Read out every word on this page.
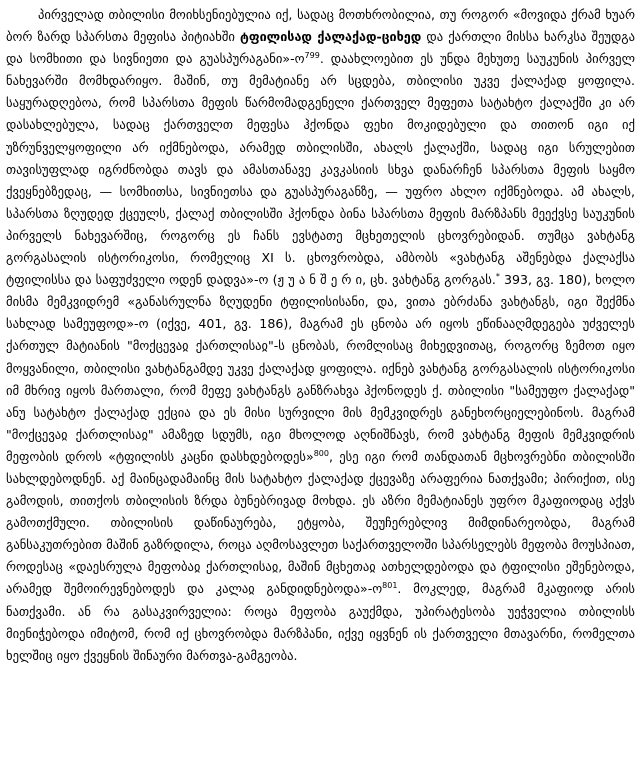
პირველად თბილისი მოიხსენიებულია იქ, სადაც მოთხრობილია, თუ როგორ «მოვიდა ქრამ ხუარ ბორ ზარდ სპარსთა მეფისა პიტიახში ტფილისად ქალაქად-ციხედ და ქართლი მისსა ხარკსა შეუდგა და სომხითი და სივნიეთი და გუასპურაგანი»-ო$^{799}$. დაახლოებით ეს უნდა მეხუთე საუკუნის პირველ ნახევარში მომხდარიყო. მაშინ, თუ მემატიანე არ სცდება, თბილისი უკვე ქალაქად ყოფილა. საყურადღებოა, რომ სპარსთა მეფის წარმომადგენელი ქართველ მეფეთა სატახტო ქალაქში კი არ დასახლებულა, სადაც ქართველთ მეფესა ჰქონდა ფეხი მოკიდებული და თითონ იგი იქ უზრუნველყოფილი არ იქმნებოდა, არამედ თბილისში, ახალს ქალაქში, სადაც იგი სრულებით თავისუფლად იგრძნობდა თავს და ამასთანავე კავკასიის სხვა დანარჩენ სპარსთა მეფის საყმო ქვეყნებზედაც, — სომხითსა, სივნიეთსა და გუასპურაგანზე, — უფრო ახლო იქმნებოდა. ამ ახალს, სპარსთა ზღუდედ ქცეულს, ქალაქ თბილისში ჰქონდა ბინა სპარსთა მეფის მარზპანს მეექვსე საუკუნის პირველს ნახევარშიც, როგორც ეს ჩანს ევსტათე მცხეთელის ცხოვრებიდან. თუმცა ვახტანგ გორგასალის ისტორიკოსი, რომელიც XI ს. ცხოვრობდა, ამბობს «ვახტანგ აშენებდა ქალაქსა ტფილისსა და საფუძველი ოდენ დადვა»-ო (ჟ უ ა ნ შ ე რ ი, ცხ. ვახტანგ გორგას.* 393, გვ. 180), ხოლო მისმა მემკვიდრემ «განასრულნა ზღუდენი ტფილისისანი, და, ვითა ებრძანა ვახტანგს, იგი შექმნა სახლად სამეუფოდ»-ო (იქვე, 401, გვ. 186), მაგრამ ეს ცნობა არ იყოს ეწინააღმდეგება უძველეს ქართულ მატიანის "მოქცევაჲ ქართლისაჲ"-ს ცნობას, რომლისაც მიხედვითაც, როგორც ზემოთ იყო მოყვანილი, თბილისი ვახტანგამდე უკვე ქალაქად ყოფილა. იქნებ ვახტანგ გორგასალის ისტორიკოსი იმ მხრივ იყოს მართალი, რომ მეფე ვახტანგს განზრახვა ჰქონოდეს ქ. თბილისი "სამეუფო ქალაქად" ანუ სატახტო ქალაქად ექცია და ეს მისი სურვილი მის მემკვიდრეს განეხორციელებინოს. მაგრამ "მოქცევაჲ ქართლისაჲ" ამაზედ სდუმს, იგი მხოლოდ აღნიშნავს, რომ ვახტანგ მეფის მემკვიდრის მეფობის დროს «ტფილისს კაცნი დასხდებოდეს»$^{800}$, ესე იგი რომ თანდათან მცხოვრებნი თბილისში სახლდებოდნენ. აქ მაინცადამაინც მის სატახტო ქალაქად ქცევაზე არაფერია ნათქვამი; პირიქით, ისე გამოდის, თითქოს თბილისის ზრდა ბუნებრივად მოხდა. ეს აზრი მემატიანეს უფრო მკაფიოდაც აქვს გამოთქმული. თბილისის დაწინაურება, ეტყობა, შეუჩერებლივ მიმდინარეობდა, მაგრამ განსაკუთრებით მაშინ გაზრდილა, როცა აღმოსავლეთ საქართველოში სპარსელებს მეფობა მოუსპიათ, როდესაც «დაესრულა მეფობაჲ ქართლისაჲ, მაშინ მცხეთაჲ ათხელდებოდა და ტფილისი ეშენებოდა, არამედ შემოირევნებოდეს და კალაჲ განდიდნებოდა»-ო$^{801}$. მოკლედ, მაგრამ მკაფიოდ არის ნათქვამი. ან რა გასაკვირველია: როცა მეფობა გაუქმდა, უპირატესობა უეჭველია თბილისს მიენიჭებოდა იმიტომ, რომ იქ ცხოვრობდა მარზპანი, იქვე იყვნენ ის ქართველი მთავარნი, რომელთა ხელშიც იყო ქვეყნის შინაური მართვა-გამგეობა.
